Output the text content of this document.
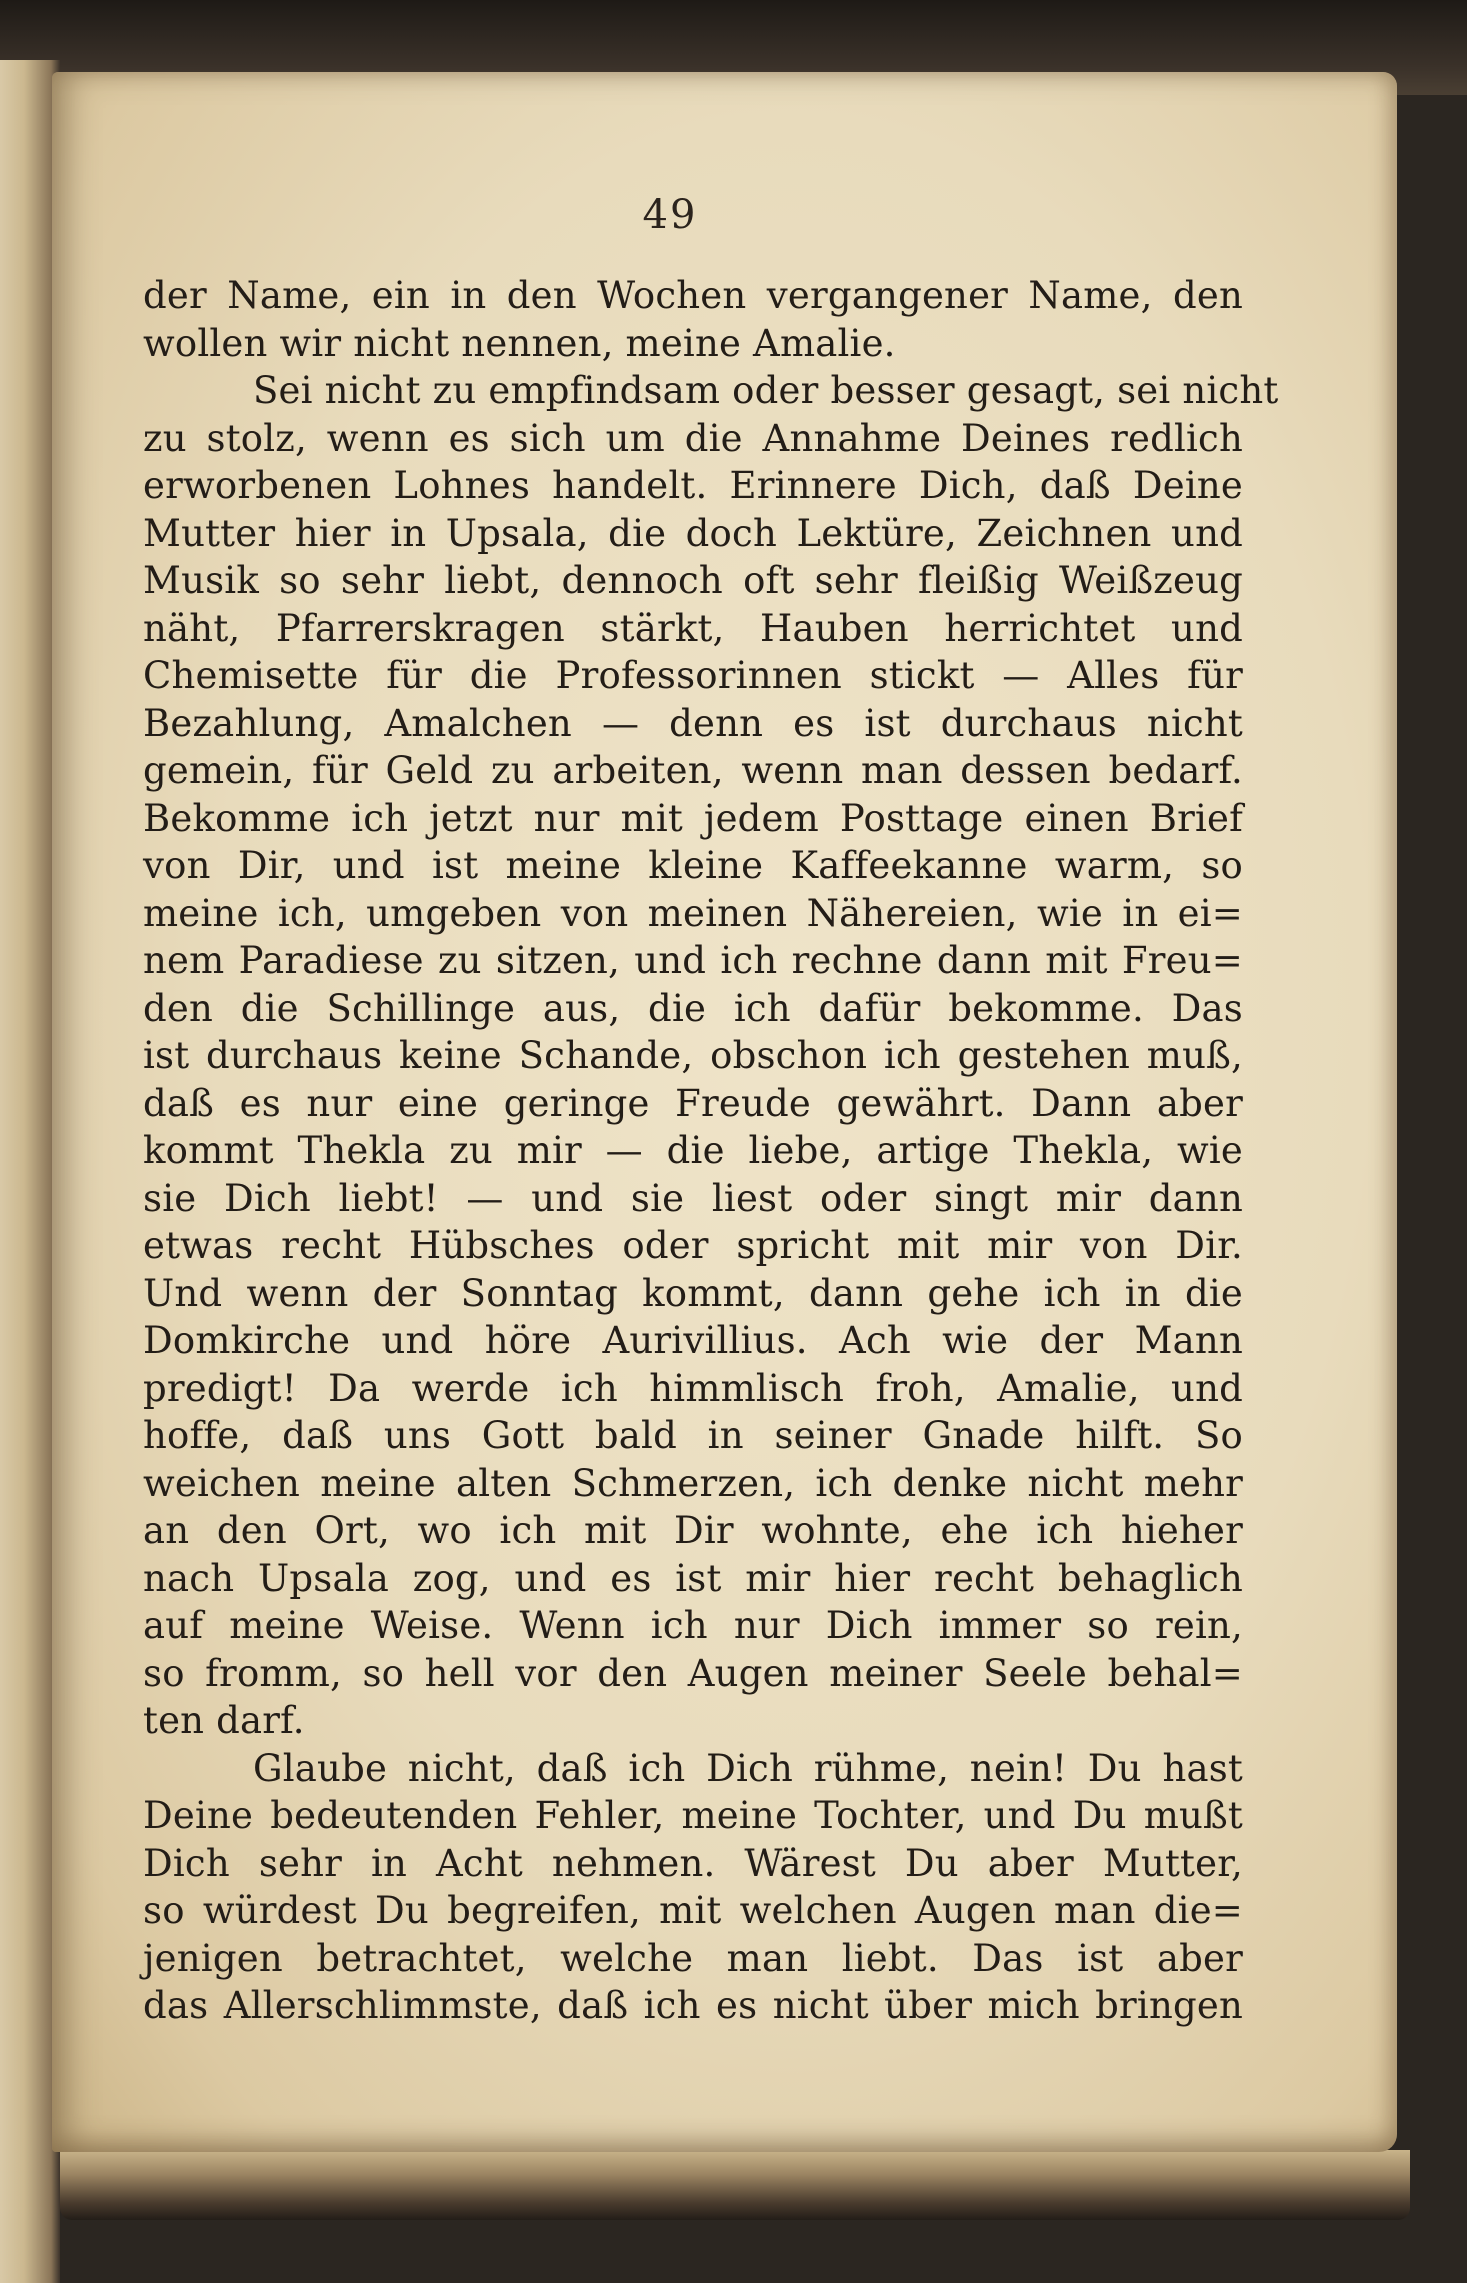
49
der Name, ein in den Wochen vergangener Name, den
wollen wir nicht nennen, meine Amalie.
Sei nicht zu empfindsam oder besser gesagt, sei nicht
zu stolz, wenn es sich um die Annahme Deines redlich
erworbenen Lohnes handelt. Erinnere Dich, daß Deine
Mutter hier in Upsala, die doch Lektüre, Zeichnen und
Musik so sehr liebt, dennoch oft sehr fleißig Weißzeug
näht, Pfarrerskragen stärkt, Hauben herrichtet und
Chemisette für die Professorinnen stickt — Alles für
Bezahlung, Amalchen — denn es ist durchaus nicht
gemein, für Geld zu arbeiten, wenn man dessen bedarf.
Bekomme ich jetzt nur mit jedem Posttage einen Brief
von Dir, und ist meine kleine Kaffeekanne warm, so
meine ich, umgeben von meinen Nähereien, wie in ei=
nem Paradiese zu sitzen, und ich rechne dann mit Freu=
den die Schillinge aus, die ich dafür bekomme. Das
ist durchaus keine Schande, obschon ich gestehen muß,
daß es nur eine geringe Freude gewährt. Dann aber
kommt Thekla zu mir — die liebe, artige Thekla, wie
sie Dich liebt! — und sie liest oder singt mir dann
etwas recht Hübsches oder spricht mit mir von Dir.
Und wenn der Sonntag kommt, dann gehe ich in die
Domkirche und höre Aurivillius. Ach wie der Mann
predigt! Da werde ich himmlisch froh, Amalie, und
hoffe, daß uns Gott bald in seiner Gnade hilft. So
weichen meine alten Schmerzen, ich denke nicht mehr
an den Ort, wo ich mit Dir wohnte, ehe ich hieher
nach Upsala zog, und es ist mir hier recht behaglich
auf meine Weise. Wenn ich nur Dich immer so rein,
so fromm, so hell vor den Augen meiner Seele behal=
ten darf.
Glaube nicht, daß ich Dich rühme, nein! Du hast
Deine bedeutenden Fehler, meine Tochter, und Du mußt
Dich sehr in Acht nehmen. Wärest Du aber Mutter,
so würdest Du begreifen, mit welchen Augen man die=
jenigen betrachtet, welche man liebt. Das ist aber
das Allerschlimmste, daß ich es nicht über mich bringen
